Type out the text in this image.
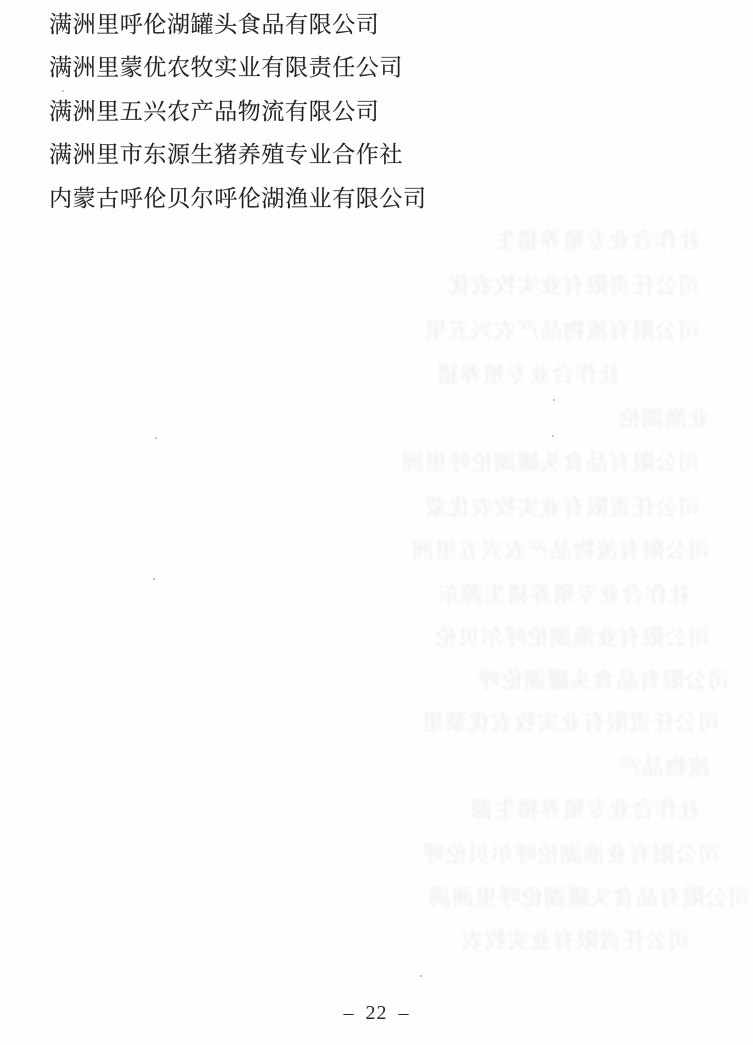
社作合业专殖养猪生
司公任责限有业实牧农优
司公限有流物品产农兴五里
社作合业专殖养猪
业渔湖伦
司公限有品食头罐湖伦呼里洲
司公任责限有业实牧农优蒙
司公限有流物品产农兴五里洲
社作合业专殖养猪生源东
司公限有业渔湖伦呼尔贝伦
司公限有品食头罐湖伦呼
司公任责限有业实牧农优蒙里
流物品产
社作合业专殖养猪生源
司公限有业渔湖伦呼尔贝伦呼
司公限有品食头罐湖伦呼里洲满
司公任责限有业实牧农
满洲里呼伦湖罐头食品有限公司
满洲里蒙优农牧实业有限责任公司
满洲里五兴农产品物流有限公司
满洲里市东源生猪养殖专业合作社
内蒙古呼伦贝尔呼伦湖渔业有限公司
– 22 –
